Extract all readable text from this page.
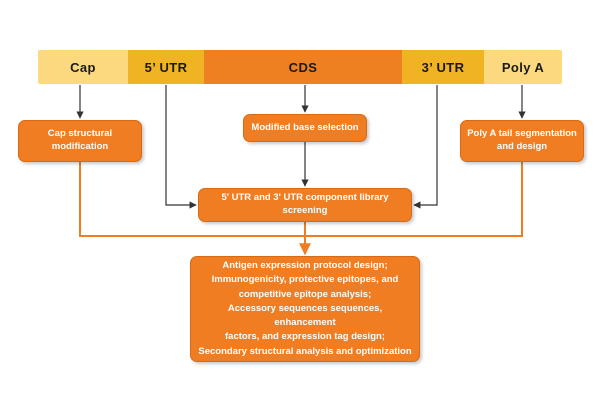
Cap	5’ UTR	CDS	3’ UTR	Poly A
Cap structural modification
Modified base selection
Poly A tail segmentation and design
5' UTR and 3' UTR component library screening
Antigen expression protocol design;
Immunogenicity, protective epitopes, and
competitive epitope analysis;
Accessory sequences sequences, enhancement
factors, and expression tag design;
Secondary structural analysis and optimization
